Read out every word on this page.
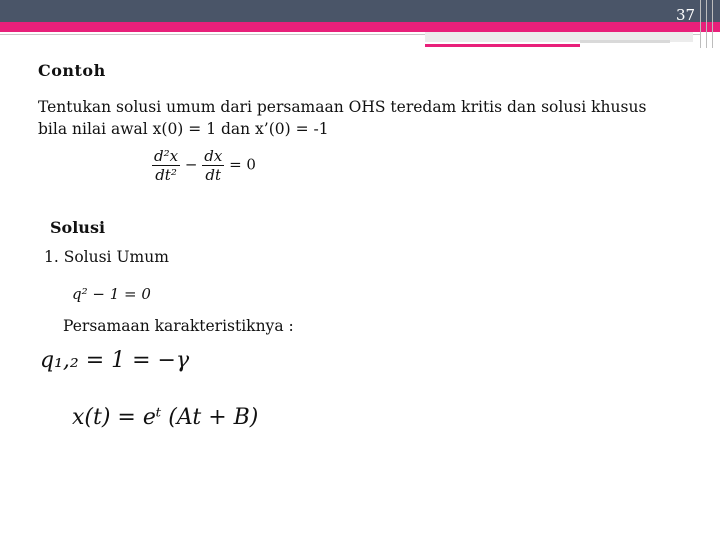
37
Contoh
Tentukan solusi umum dari persamaan OHS teredam kritis dan solusi khusus bila nilai awal x(0) = 1 dan x’(0) = -1
$\frac{\text{d²x}}{\text{dt²}} - \frac{dx}{dt} = 0$
Solusi
1. Solusi Umum
q² − 1 = 0
Persamaan karakteristiknya :
q₁,₂ = 1 = −γ
x(t) = eᵗ (At + B)
